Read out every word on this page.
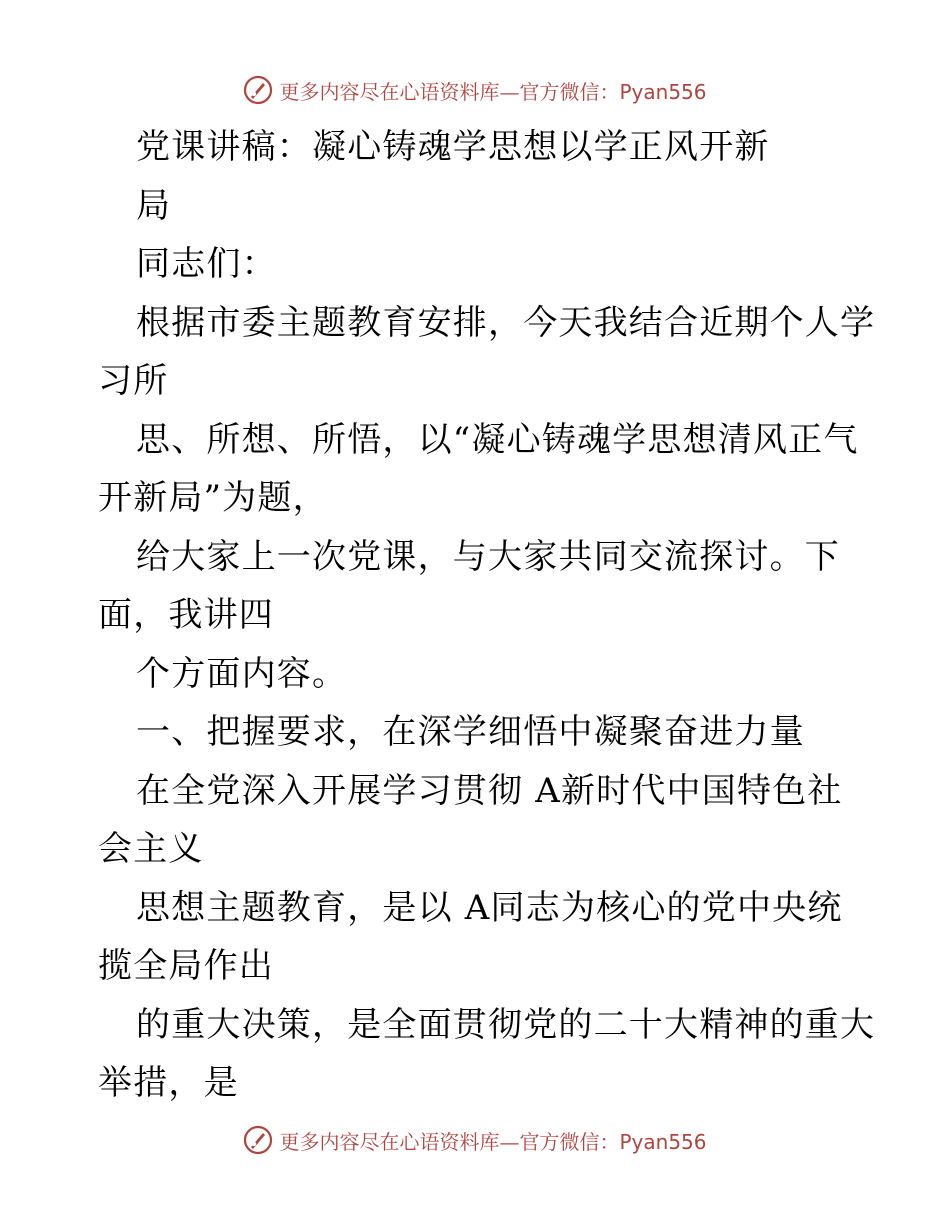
更多内容尽在心语资料库—官方微信：Pyan556
党课讲稿：凝心铸魂学思想以学正风开新
局
同志们：
根据市委主题教育安排，今天我结合近期个人学
习所
思、所想、所悟，以“凝心铸魂学思想清风正气
开新局”为题，
给大家上一次党课，与大家共同交流探讨。下
面，我讲四
个方面内容。
一、把握要求，在深学细悟中凝聚奋进力量
在全党深入开展学习贯彻 A新时代中国特色社
会主义
思想主题教育，是以 A同志为核心的党中央统
揽全局作出
的重大决策，是全面贯彻党的二十大精神的重大
举措，是
更多内容尽在心语资料库—官方微信：Pyan556
